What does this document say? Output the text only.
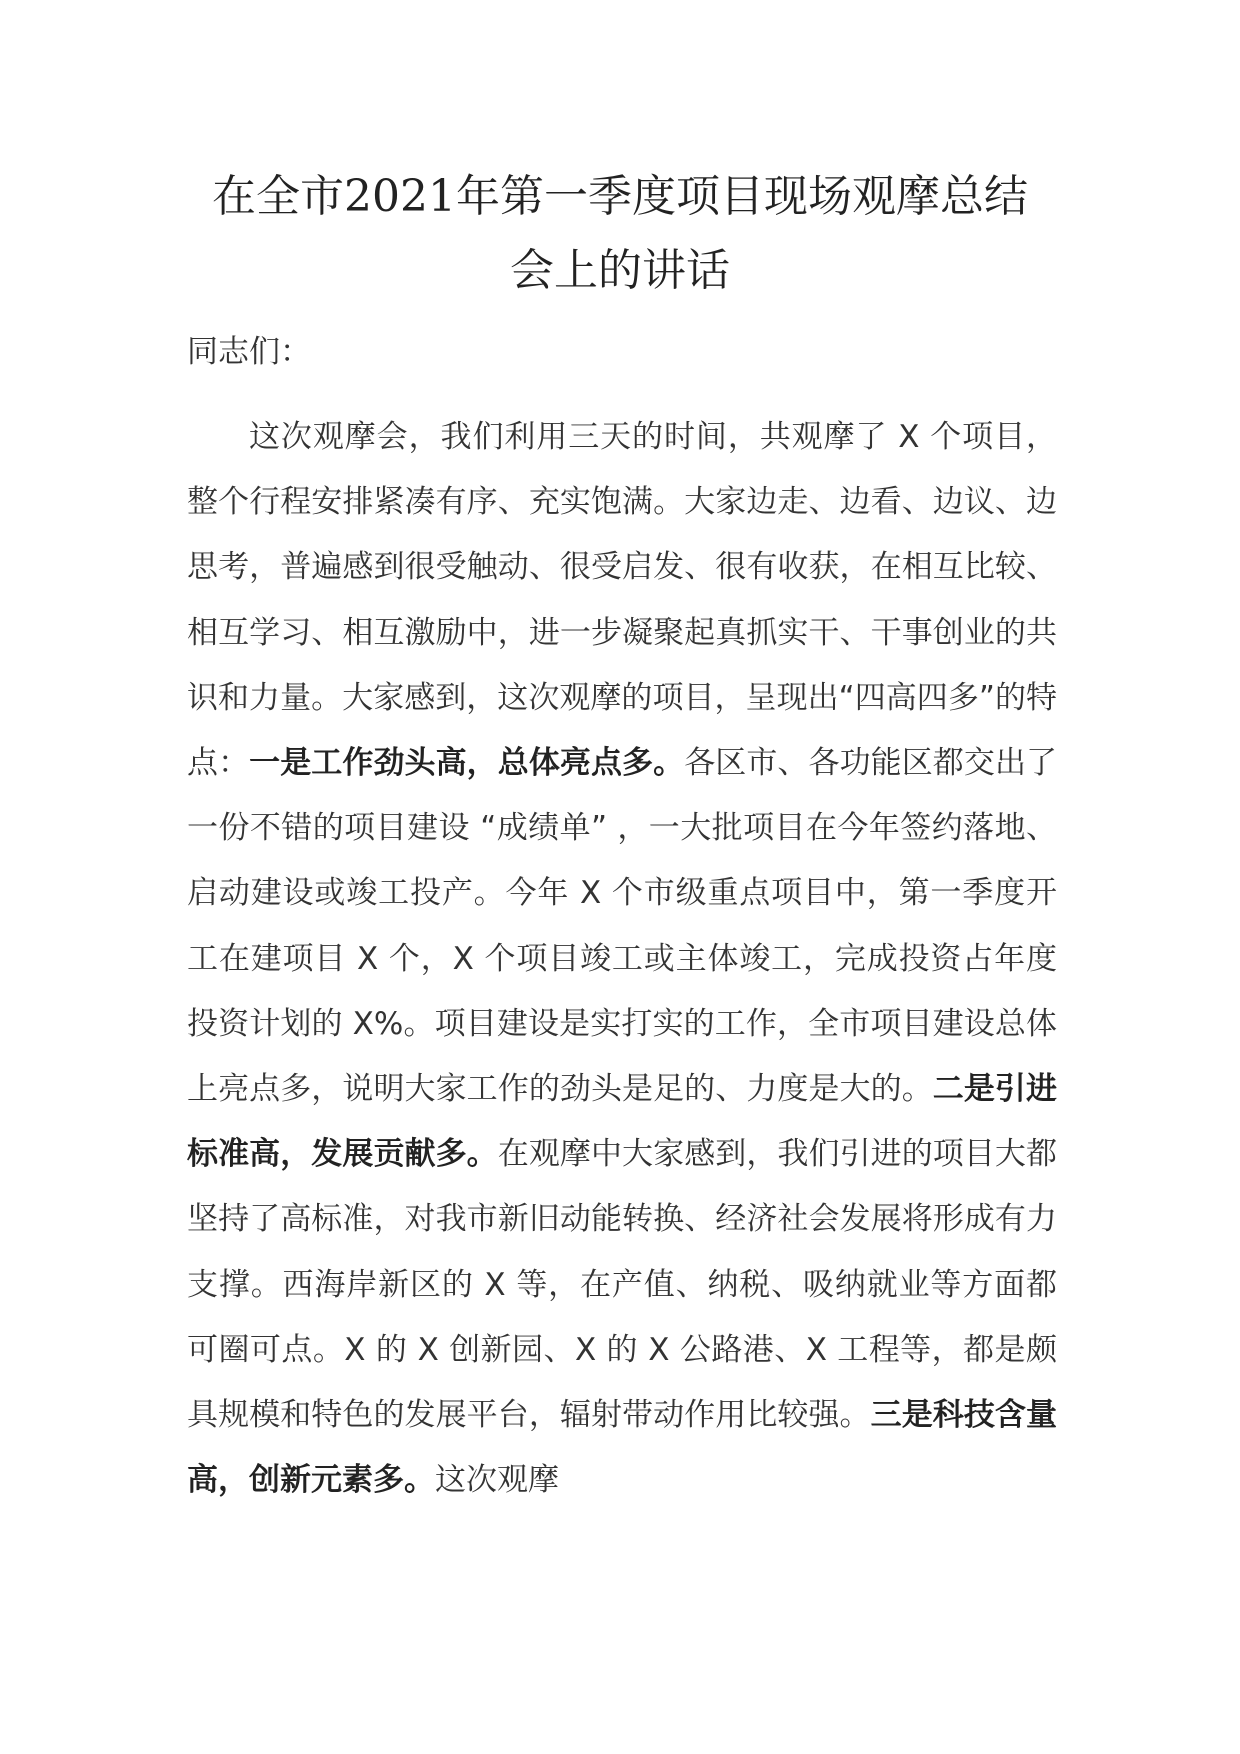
在全市2021年第一季度项目现场观摩总结
会上的讲话

同志们：

这次观摩会，我们利用三天的时间，共观摩了 X 个项目，整个行程安排紧凑有序、充实饱满。大家边走、边看、边议、边思考，普遍感到很受触动、很受启发、很有收获，在相互比较、相互学习、相互激励中，进一步凝聚起真抓实干、干事创业的共识和力量。大家感到，这次观摩的项目，呈现出“四高四多”的特点：一是工作劲头高，总体亮点多。各区市、各功能区都交出了一份不错的项目建设 “成绩单” ，一大批项目在今年签约落地、启动建设或竣工投产。今年 X 个市级重点项目中，第一季度开工在建项目 X 个，X 个项目竣工或主体竣工，完成投资占年度投资计划的 X%。项目建设是实打实的工作，全市项目建设总体上亮点多，说明大家工作的劲头是足的、力度是大的。二是引进标准高，发展贡献多。在观摩中大家感到，我们引进的项目大都坚持了高标准，对我市新旧动能转换、经济社会发展将形成有力支撑。西海岸新区的 X 等，在产值、纳税、吸纳就业等方面都可圈可点。X 的 X 创新园、X 的 X 公路港、X 工程等，都是颇具规模和特色的发展平台，辐射带动作用比较强。三是科技含量高，创新元素多。这次观摩
